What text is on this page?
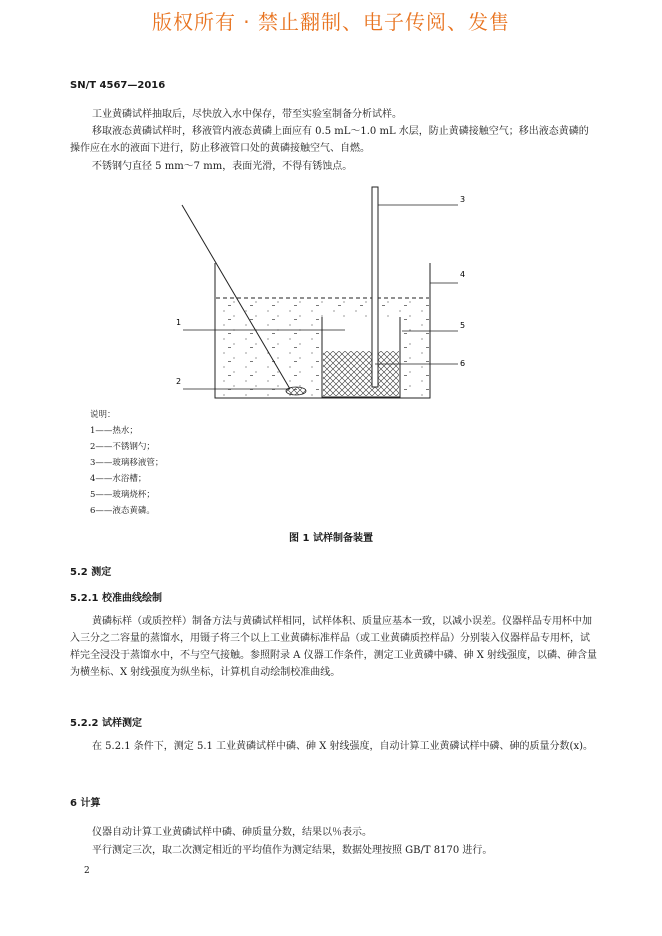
版权所有 · 禁止翻制、电子传阅、发售
SN/T 4567—2016
工业黄磷试样抽取后，尽快放入水中保存，带至实验室制备分析试样。
移取液态黄磷试样时，移液管内液态黄磷上面应有 0.5 mL～1.0 mL 水层，防止黄磷接触空气；移出液态黄磷的操作应在水的液面下进行，防止移液管口处的黄磷接触空气、自燃。
不锈钢勺直径 5 mm～7 mm，表面光滑，不得有锈蚀点。
1
2
3
4
5
6
说明：
1——热水；
2——不锈钢勺；
3——玻璃移液管；
4——水浴槽；
5——玻璃烧杯；
6——液态黄磷。
图 1 试样制备装置
5.2 测定
5.2.1 校准曲线绘制
黄磷标样（或质控样）制备方法与黄磷试样相同，试样体积、质量应基本一致，以减小误差。仪器样品专用杯中加入三分之二容量的蒸馏水，用镊子将三个以上工业黄磷标准样品（或工业黄磷质控样品）分别装入仪器样品专用杯，试样完全浸没于蒸馏水中，不与空气接触。参照附录 A 仪器工作条件，测定工业黄磷中磷、砷 X 射线强度，以磷、砷含量为横坐标、X 射线强度为纵坐标，计算机自动绘制校准曲线。
5.2.2 试样测定
在 5.2.1 条件下，测定 5.1 工业黄磷试样中磷、砷 X 射线强度，自动计算工业黄磷试样中磷、砷的质量分数(x)。
6 计算
仪器自动计算工业黄磷试样中磷、砷质量分数，结果以％表示。
平行测定三次，取二次测定相近的平均值作为测定结果，数据处理按照 GB/T 8170 进行。
2
